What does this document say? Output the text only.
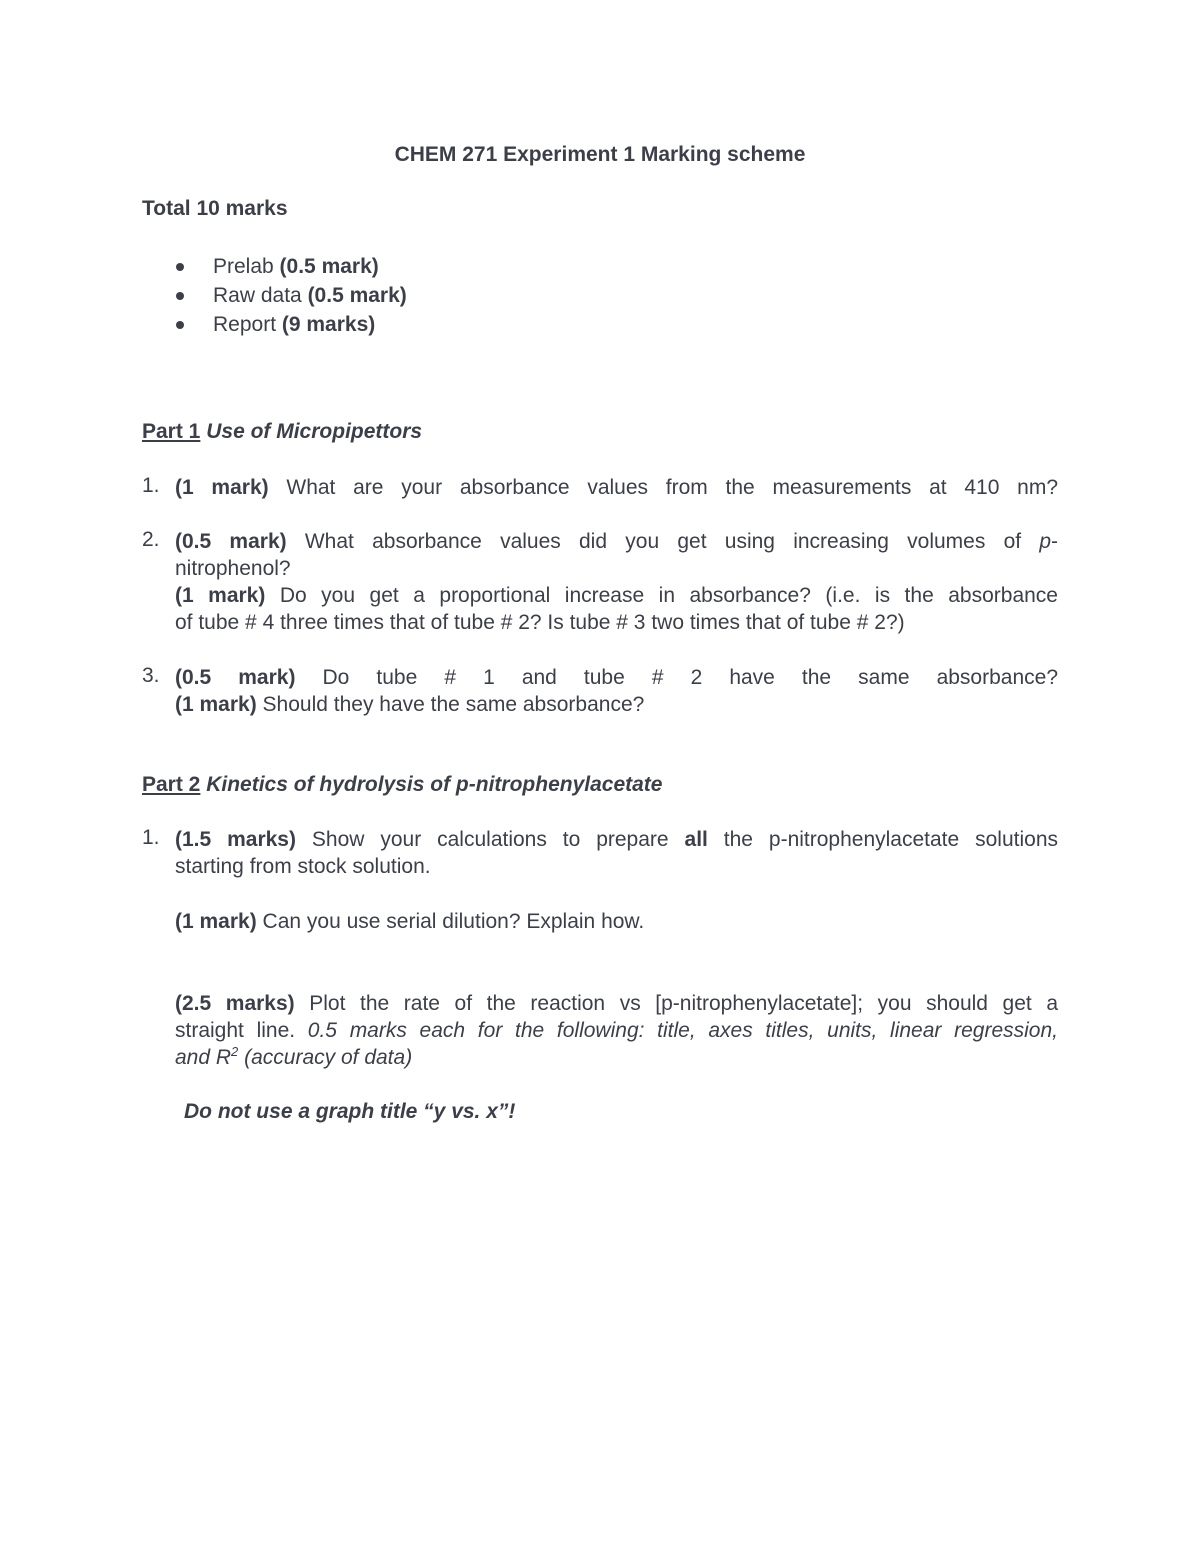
CHEM 271 Experiment 1 Marking scheme
Total 10 marks
Prelab (0.5 mark)
Raw data (0.5 mark)
Report (9 marks)
Part 1 Use of Micropipettors
1. (1 mark) What are your absorbance values from the measurements at 410 nm?
2. (0.5 mark) What absorbance values did you get using increasing volumes of p-
nitrophenol?
(1 mark) Do you get a proportional increase in absorbance? (i.e. is the absorbance
of tube # 4 three times that of tube # 2? Is tube # 3 two times that of tube # 2?)
3. (0.5 mark) Do tube # 1 and tube # 2 have the same absorbance?
(1 mark) Should they have the same absorbance?
Part 2 Kinetics of hydrolysis of p-nitrophenylacetate
1. (1.5 marks) Show your calculations to prepare all the p-nitrophenylacetate solutions
starting from stock solution.
(1 mark) Can you use serial dilution? Explain how.
(2.5 marks) Plot the rate of the reaction vs [p-nitrophenylacetate]; you should get a
straight line. 0.5 marks each for the following: title, axes titles, units, linear regression,
and $R^2$ (accuracy of data)
Do not use a graph title “y vs. x”!
